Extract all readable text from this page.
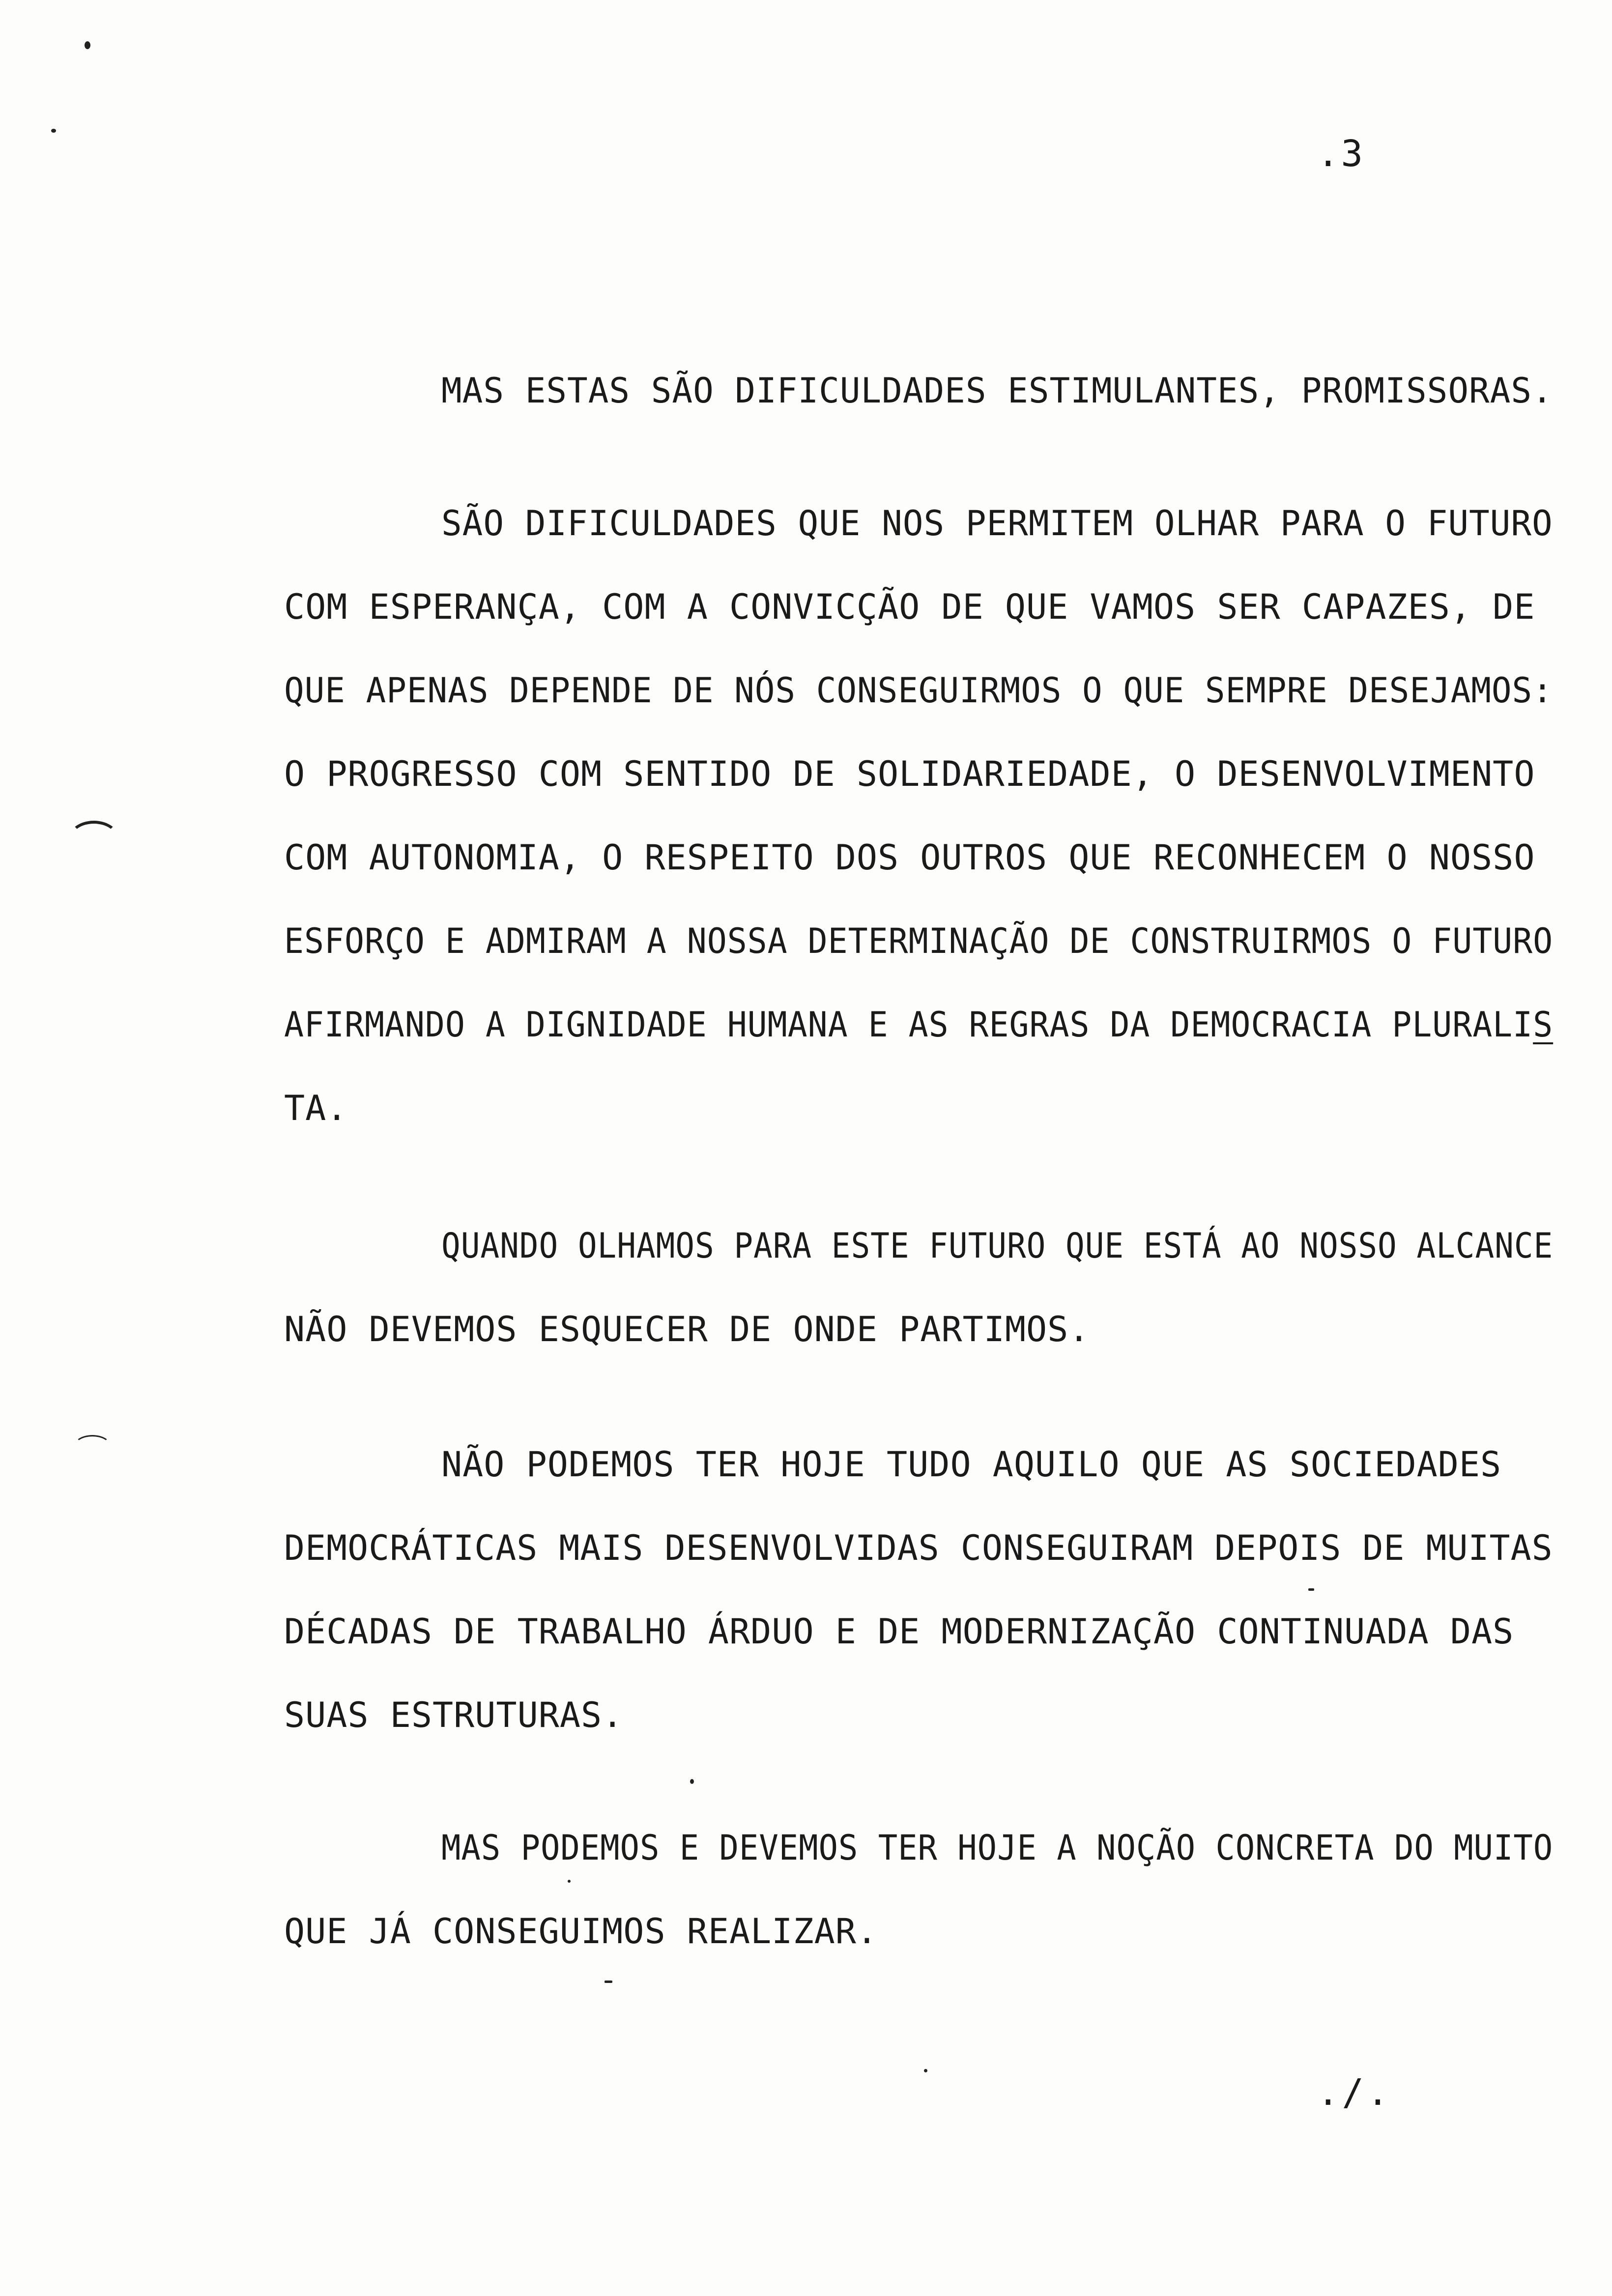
.3
MAS ESTAS SÃO DIFICULDADES ESTIMULANTES, PROMISSORAS.
SÃO DIFICULDADES QUE NOS PERMITEM OLHAR PARA O FUTURO
COM ESPERANÇA, COM A CONVICÇÃO DE QUE VAMOS SER CAPAZES, DE
QUE APENAS DEPENDE DE NÓS CONSEGUIRMOS O QUE SEMPRE DESEJAMOS:
O PROGRESSO COM SENTIDO DE SOLIDARIEDADE, O DESENVOLVIMENTO
COM AUTONOMIA, O RESPEITO DOS OUTROS QUE RECONHECEM O NOSSO
ESFORÇO E ADMIRAM A NOSSA DETERMINAÇÃO DE CONSTRUIRMOS O FUTURO
AFIRMANDO A DIGNIDADE HUMANA E AS REGRAS DA DEMOCRACIA PLURALIS
TA.
QUANDO OLHAMOS PARA ESTE FUTURO QUE ESTÁ AO NOSSO ALCANCE
NÃO DEVEMOS ESQUECER DE ONDE PARTIMOS.
NÃO PODEMOS TER HOJE TUDO AQUILO QUE AS SOCIEDADES
DEMOCRÁTICAS MAIS DESENVOLVIDAS CONSEGUIRAM DEPOIS DE MUITAS
DÉCADAS DE TRABALHO ÁRDUO E DE MODERNIZAÇÃO CONTINUADA DAS
SUAS ESTRUTURAS.
MAS PODEMOS E DEVEMOS TER HOJE A NOÇÃO CONCRETA DO MUITO
QUE JÁ CONSEGUIMOS REALIZAR.
./.
